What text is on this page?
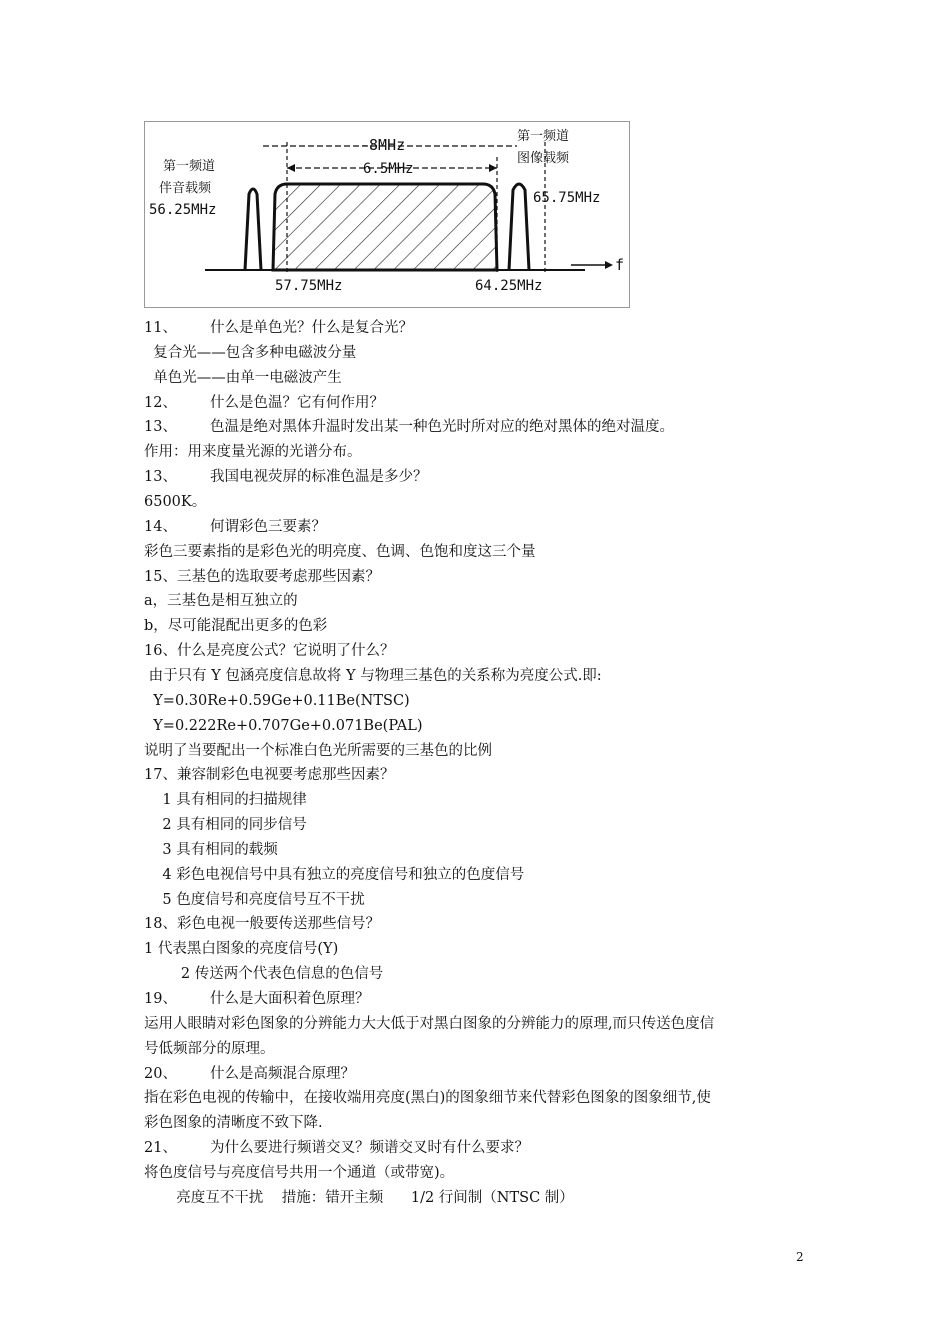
-8MHz
6.5MHz
第一频道
伴音载频
56.25MHz
第一频道
图像载频
65.75MHz
57.75MHz	64.25MHz
f
11、 什么是单色光？什么是复合光？
复合光——包含多种电磁波分量
单色光——由单一电磁波产生
12、 什么是色温？它有何作用？
13、 色温是绝对黑体升温时发出某一种色光时所对应的绝对黑体的绝对温度。
作用：用来度量光源的光谱分布。
13、 我国电视荧屏的标准色温是多少？
6500K。
14、 何谓彩色三要素？
彩色三要素指的是彩色光的明亮度、色调、色饱和度这三个量
15、三基色的选取要考虑那些因素？
a，三基色是相互独立的
b，尽可能混配出更多的色彩
16、什么是亮度公式？它说明了什么？
由于只有 Y 包涵亮度信息故将 Y 与物理三基色的关系称为亮度公式.即:
Y=0.30Re+0.59Ge+0.11Be(NTSC)
Y=0.222Re+0.707Ge+0.071Be(PAL)
说明了当要配出一个标准白色光所需要的三基色的比例
17、兼容制彩色电视要考虑那些因素？
1 具有相同的扫描规律
2 具有相同的同步信号
3 具有相同的载频
4 彩色电视信号中具有独立的亮度信号和独立的色度信号
5 色度信号和亮度信号互不干扰
18、彩色电视一般要传送那些信号？
1 代表黑白图象的亮度信号(Y)
2 传送两个代表色信息的色信号
19、 什么是大面积着色原理？
运用人眼睛对彩色图象的分辨能力大大低于对黑白图象的分辨能力的原理,而只传送色度信
号低频部分的原理。
20、 什么是高频混合原理？
指在彩色电视的传输中，在接收端用亮度(黑白)的图象细节来代替彩色图象的图象细节,使
彩色图象的清晰度不致下降.
21、 为什么要进行频谱交叉？频谱交叉时有什么要求？
将色度信号与亮度信号共用一个通道（或带宽)。
亮度互不干扰    措施：错开主频      1/2 行间制（NTSC 制）
2
